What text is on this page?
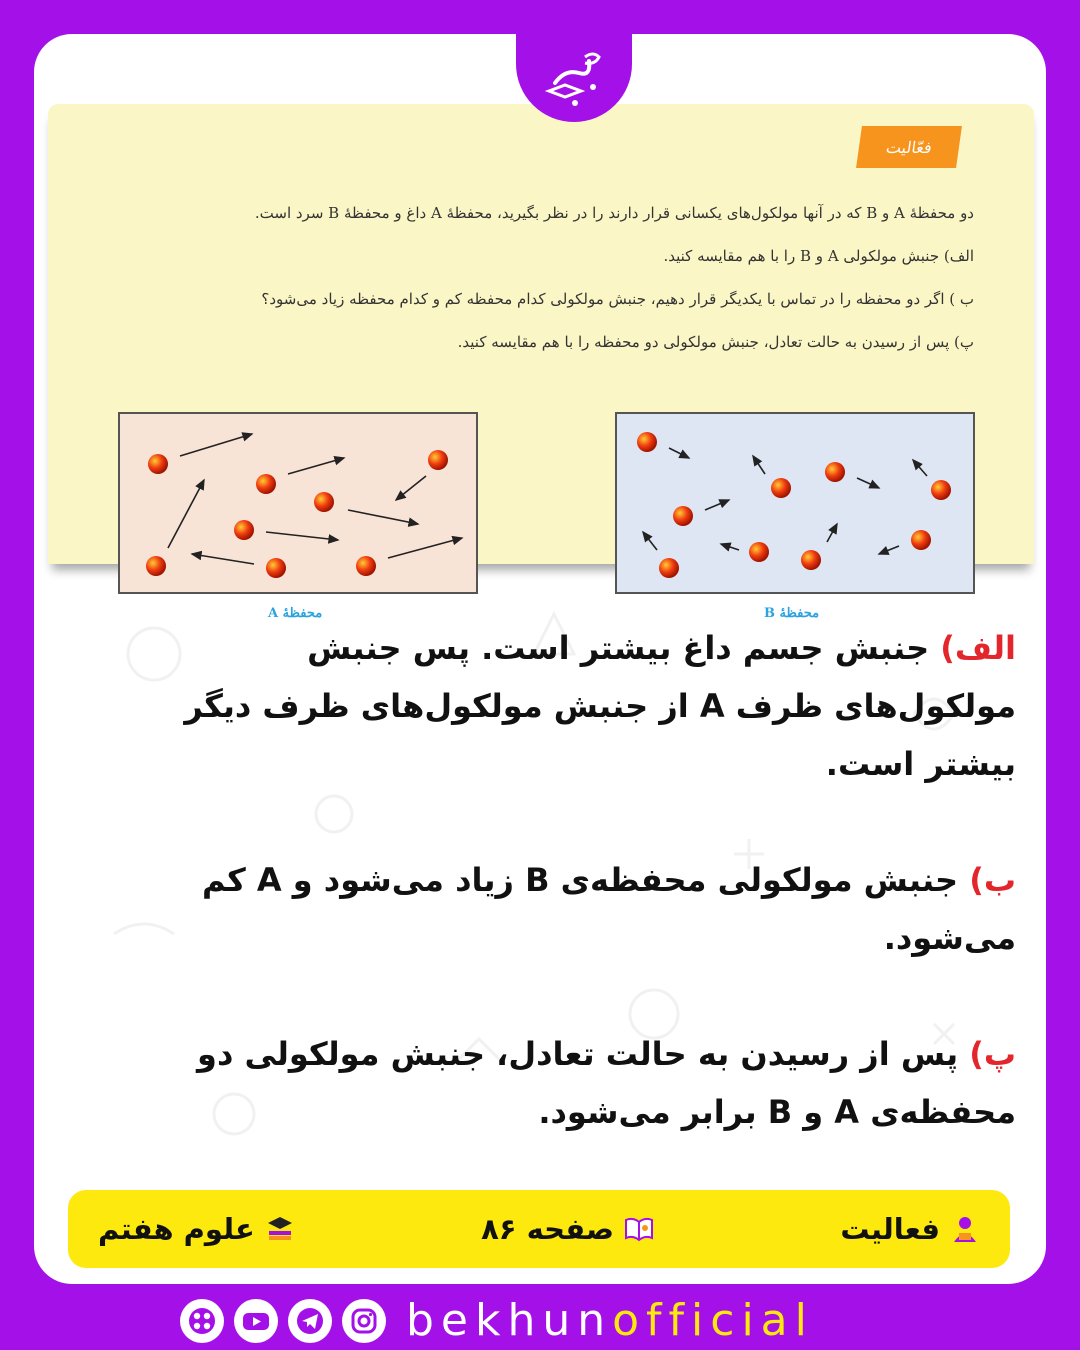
فعّالیت
دو محفظهٔ A و B که در آنها مولکول‌های یکسانی قرار دارند را در نظر بگیرید، محفظهٔ A داغ و محفظهٔ B سرد است.
الف) جنبش مولکولی A و B را با هم مقایسه کنید.
ب ) اگر دو محفظه را در تماس با یکدیگر قرار دهیم، جنبش مولکولی کدام محفظه کم و کدام محفظه زیاد می‌شود؟
پ) پس از رسیدن به حالت تعادل، جنبش مولکولی دو محفظه را با هم مقایسه کنید.
محفظهٔ A	محفظهٔ B

الف) جنبش جسم داغ بیشتر است. پس جنبش مولکول‌های ظرف A از جنبش مولکول‌های ظرف دیگر بیشتر است.

ب) جنبش مولکولی محفظه‌ی B زیاد می‌شود و A کم می‌شود.

پ) پس از رسیدن به حالت تعادل، جنبش مولکولی دو محفظه‌ی A و B برابر می‌شود.

فعالیت
صفحه ۸۶
علوم هفتم
bekhunofficial
